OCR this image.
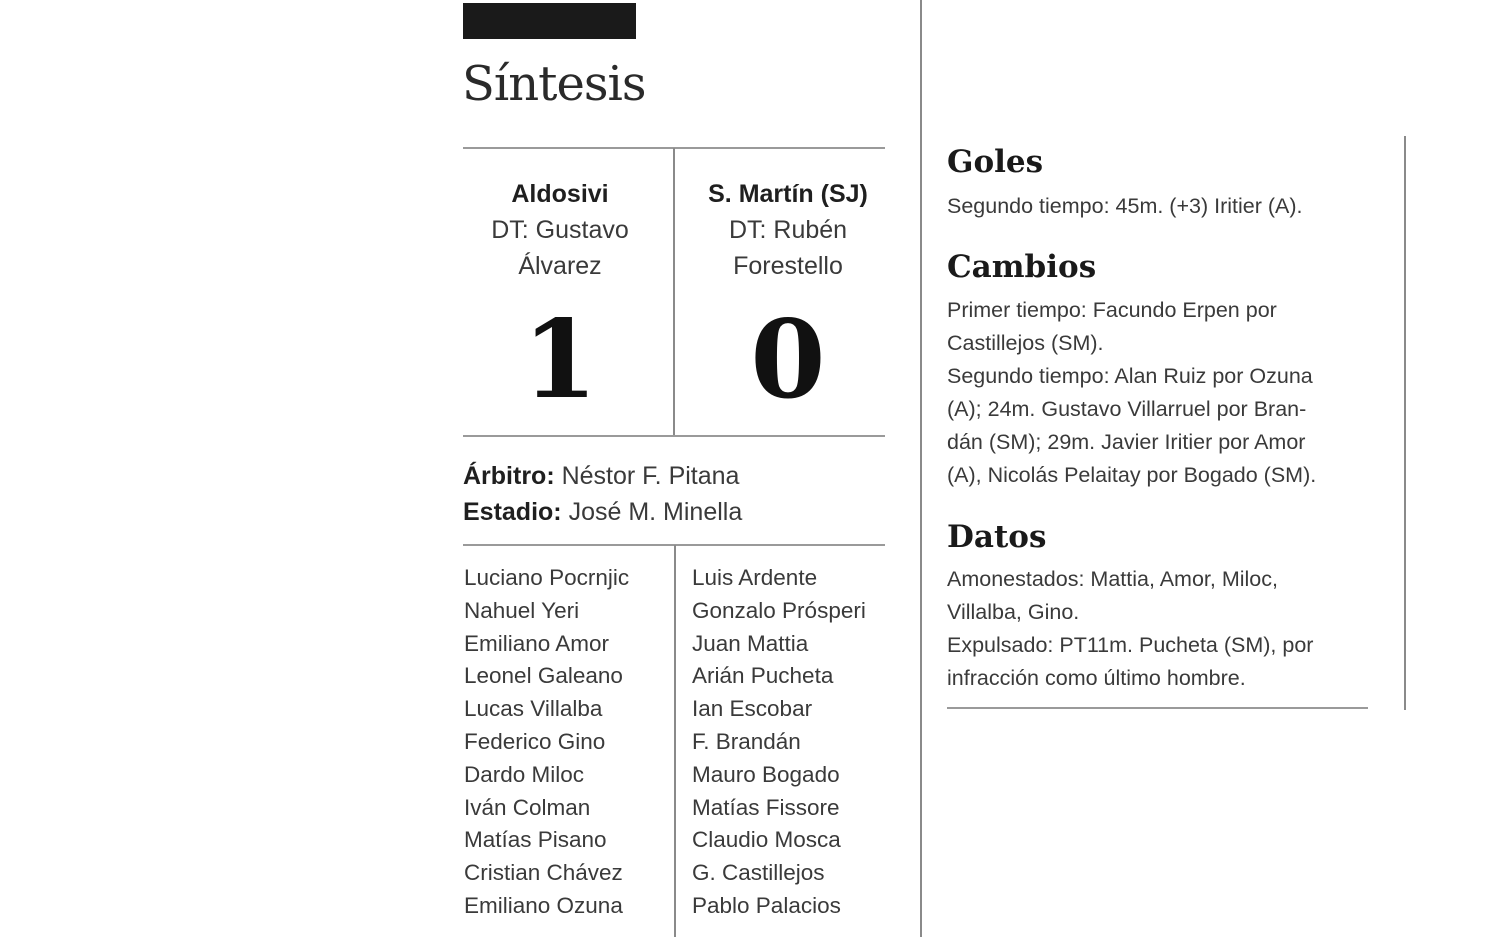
Síntesis
Aldosivi
DT: Gustavo
Álvarez
1
S. Martín (SJ)
DT: Rubén
Forestello
0
Árbitro: Néstor F. Pitana
Estadio: José M. Minella
Luciano Pocrnjic
Nahuel Yeri
Emiliano Amor
Leonel Galeano
Lucas Villalba
Federico Gino
Dardo Miloc
Iván Colman
Matías Pisano
Cristian Chávez
Emiliano Ozuna
Luis Ardente
Gonzalo Prósperi
Juan Mattia
Arián Pucheta
Ian Escobar
F. Brandán
Mauro Bogado
Matías Fissore
Claudio Mosca
G. Castillejos
Pablo Palacios
Goles
Segundo tiempo: 45m. (+3) Iritier (A).
Cambios
Primer tiempo: Facundo Erpen por
Castillejos (SM).
Segundo tiempo: Alan Ruiz por Ozuna
(A); 24m. Gustavo Villarruel por Bran-
dán (SM); 29m. Javier Iritier por Amor
(A), Nicolás Pelaitay por Bogado (SM).
Datos
Amonestados: Mattia, Amor, Miloc,
Villalba, Gino.
Expulsado: PT11m. Pucheta (SM), por
infracción como último hombre.
